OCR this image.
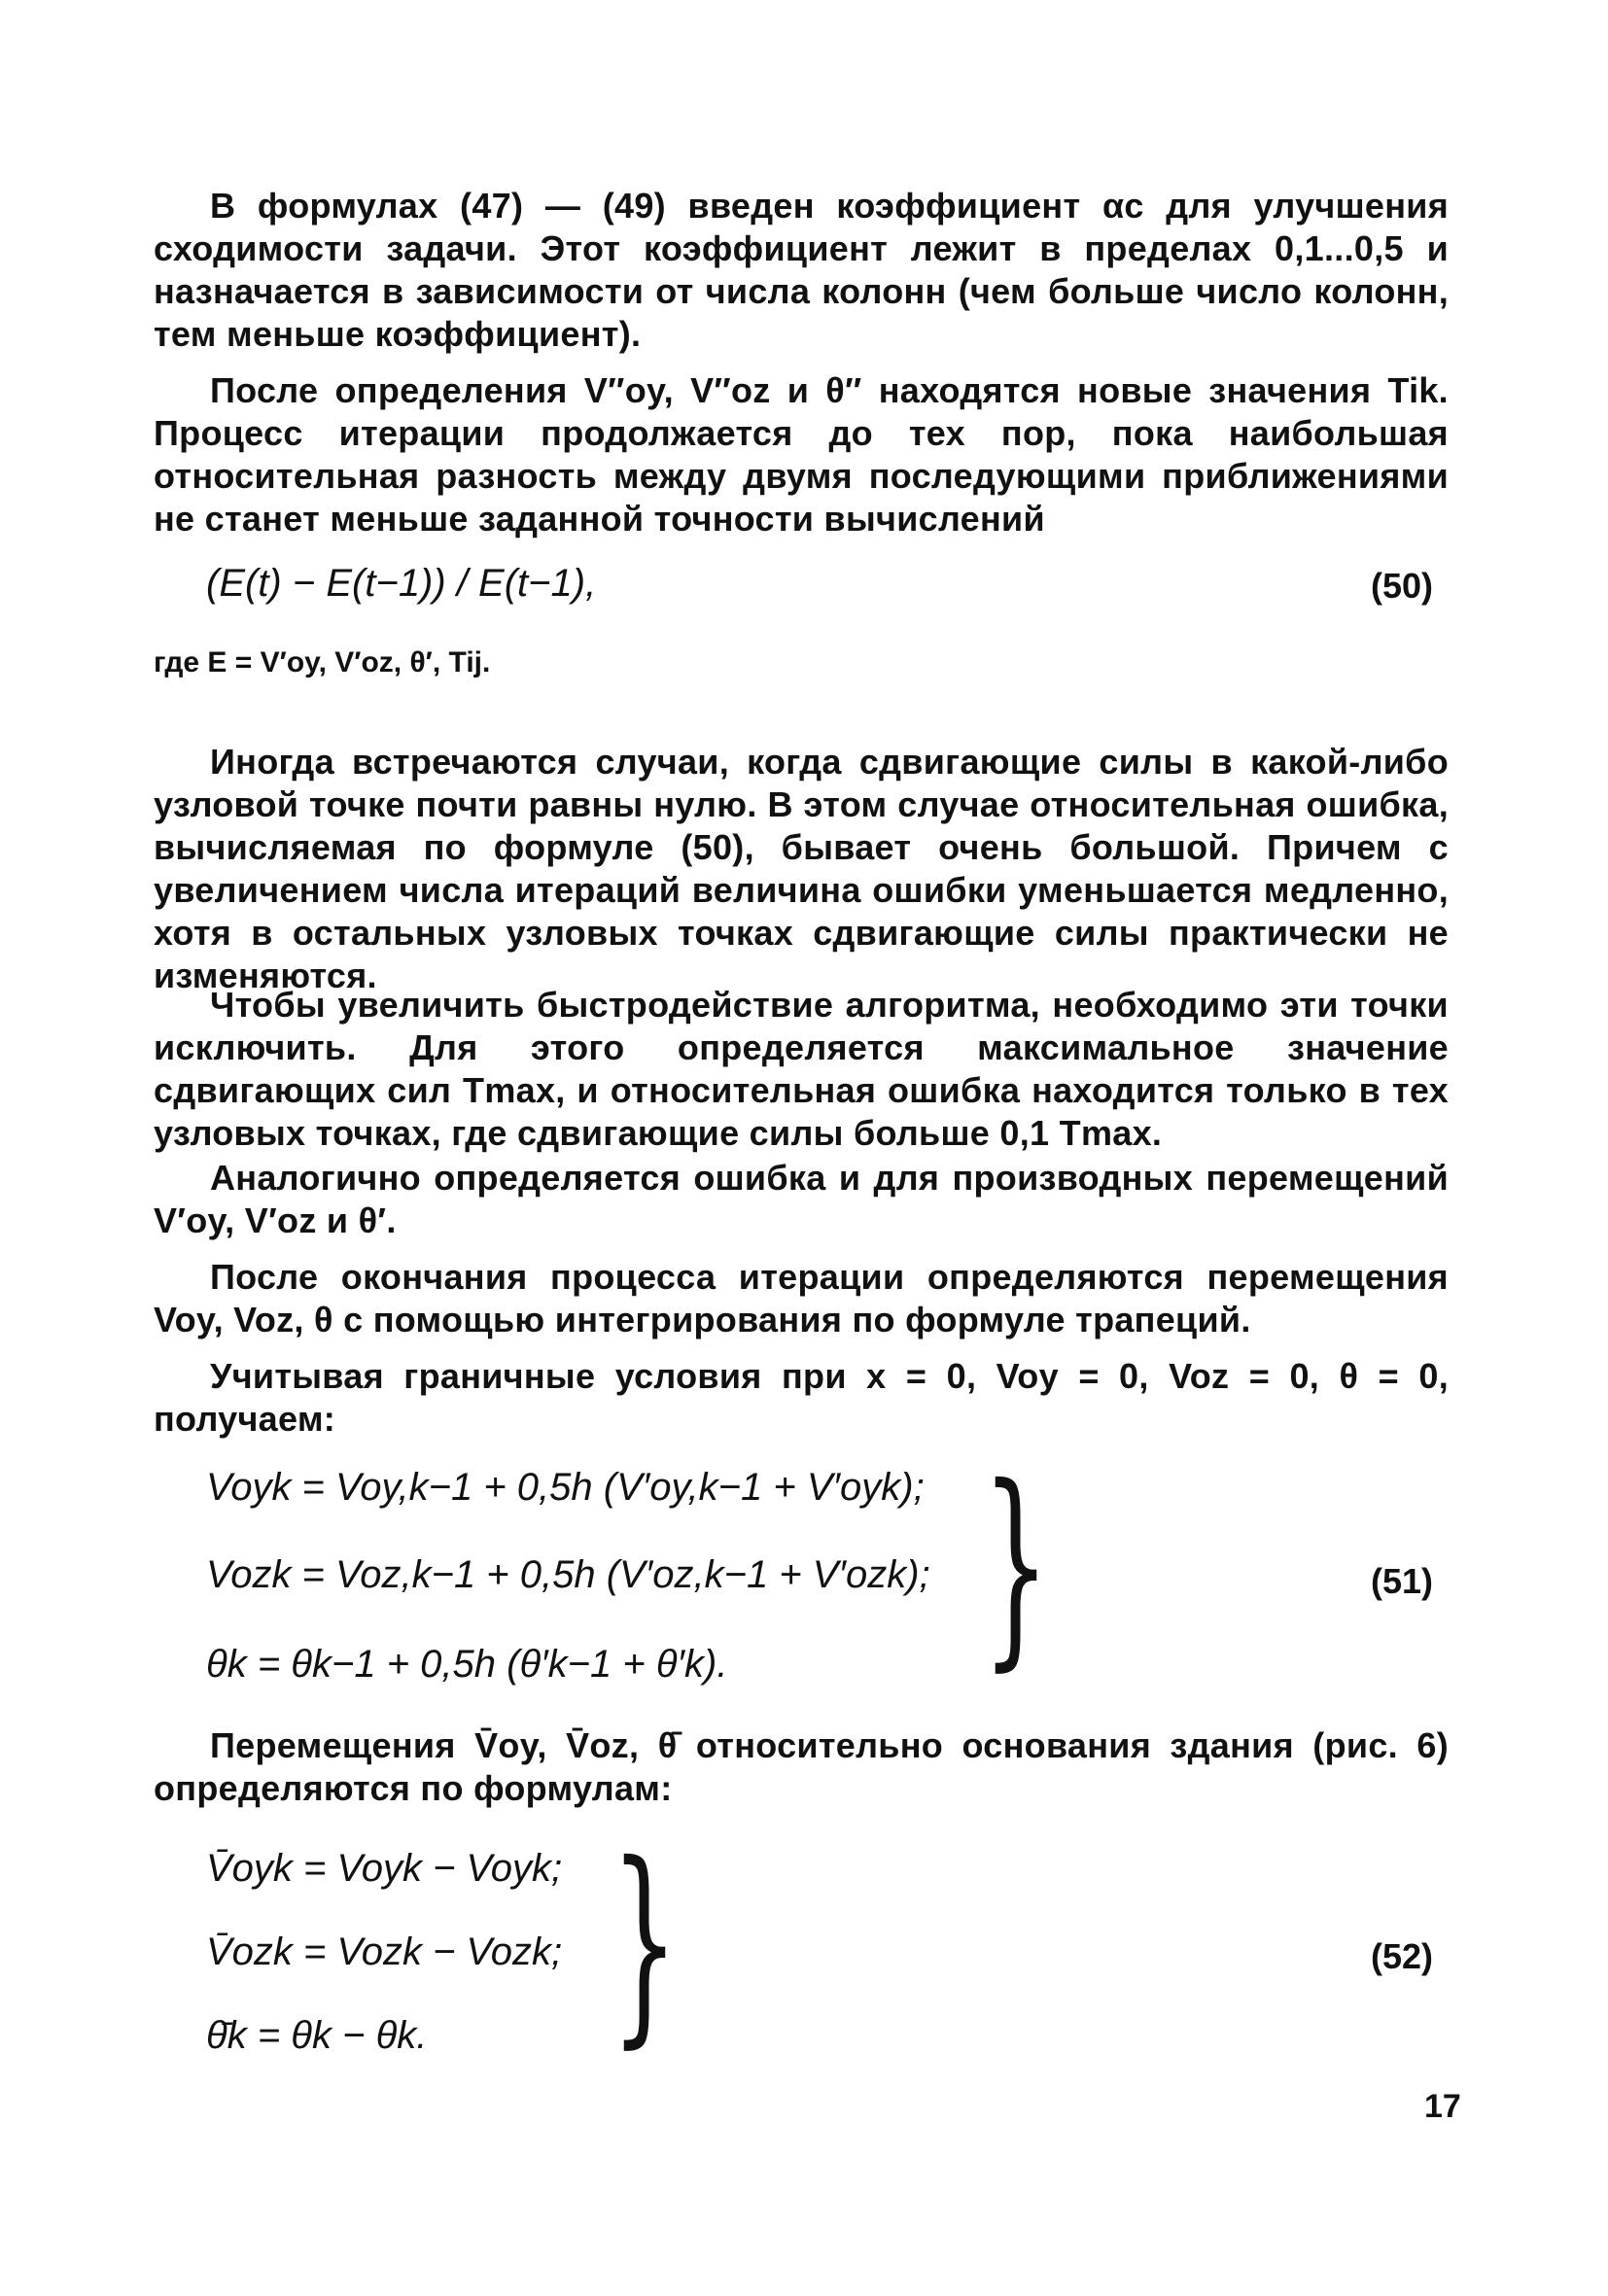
В формулах (47) — (49) введен коэффициент αc для улучшения сходимости задачи. Этот коэффициент лежит в пределах 0,1...0,5 и назначается в зависимости от числа колонн (чем больше число колонн, тем меньше коэффициент).
После определения V″oy, V″oz и θ″ находятся новые значения Tik. Процесс итерации продолжается до тех пор, пока наибольшая относительная разность между двумя последующими приближениями не станет меньше заданной точности вычислений
(E(t) − E(t−1)) / E(t−1),	(50)
где E = V′oy, V′oz, θ′, Tij.
Иногда встречаются случаи, когда сдвигающие силы в какой-либо узловой точке почти равны нулю. В этом случае относительная ошибка, вычисляемая по формуле (50), бывает очень большой. Причем с увеличением числа итераций величина ошибки уменьшается медленно, хотя в остальных узловых точках сдвигающие силы практически не изменяются.
Чтобы увеличить быстродействие алгоритма, необходимо эти точки исключить. Для этого определяется максимальное значение сдвигающих сил Tmax, и относительная ошибка находится только в тех узловых точках, где сдвигающие силы больше 0,1 Tmax.
Аналогично определяется ошибка и для производных перемещений V′oy, V′oz и θ′.
После окончания процесса итерации определяются перемещения Voy, Voz, θ с помощью интегрирования по формуле трапеций.
Учитывая граничные условия при x = 0, Voy = 0, Voz = 0, θ = 0, получаем:
Voyk = Voy,k−1 + 0,5h (V′oy,k−1 + V′oyk);
Vozk = Voz,k−1 + 0,5h (V′oz,k−1 + V′ozk);
θk = θk−1 + 0,5h (θ′k−1 + θ′k). }	(51)
Перемещения V̄oy, V̄oz, θ̄ относительно основания здания (рис. 6) определяются по формулам:
V̄oyk = Voyk − Voyk;
V̄ozk = Vozk − Vozk;
θ̄k = θk − θk. }	(52)
17
